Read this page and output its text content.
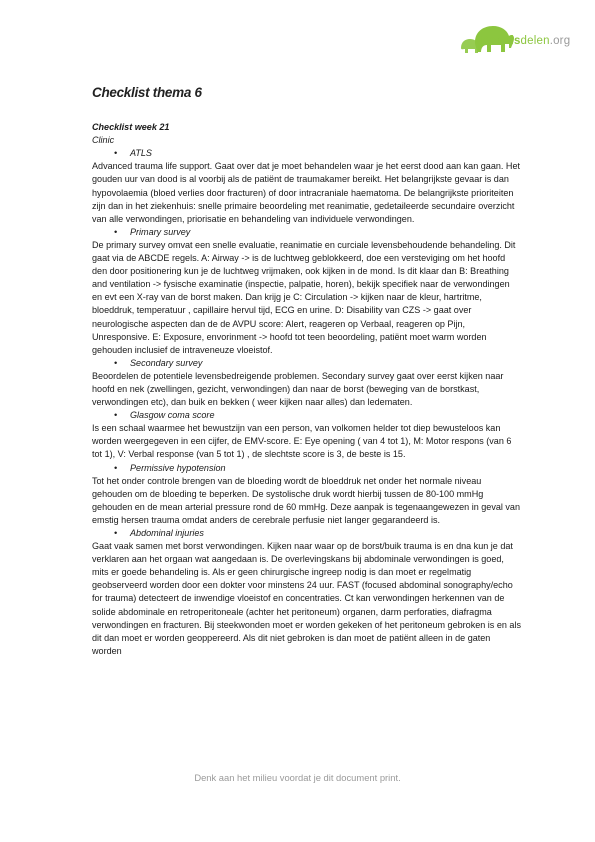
Kennisdelen.org

Checklist thema 6

Checklist week 21

Clinic

• ATLS

Advanced trauma life support. Gaat over dat je moet behandelen waar je het eerst dood aan kan gaan. Het gouden uur van dood is al voorbij als de patiënt de traumakamer bereikt. Het belangrijkste gevaar is dan hypovolaemia (bloed verlies door fracturen) of door intracraniale haematoma. De belangrijkste prioriteiten zijn dan in het ziekenhuis: snelle primaire beoordeling met reanimatie, gedetaileerde secundaire overzicht van alle verwondingen, priorisatie en behandeling van individuele verwondingen.

• Primary survey

De primary survey omvat een snelle evaluatie, reanimatie en curciale levensbehoudende behandeling. Dit gaat via de ABCDE regels. A: Airway -> is de luchtweg geblokkeerd, doe een versteviging om het hoofd den door positionering kun je de luchtweg vrijmaken, ook kijken in de mond. Is dit klaar dan B: Breathing and ventilation -> fysische examinatie (inspectie, palpatie, horen), bekijk specifiek naar de verwondingen en evt een X-ray van de borst maken. Dan krijg je C: Circulation -> kijken naar de kleur, hartritme, bloeddruk, temperatuur , capillaire hervul tijd, ECG en urine. D: Disability van CZS -> gaat over neurologische aspecten dan de de AVPU score: Alert, reageren op Verbaal, reageren op Pijn, Unresponsive. E: Exposure, envorinment -> hoofd tot teen beoordeling, patiënt moet warm worden gehouden inclusief de intraveneuze vloeistof.

• Secondary survey

Beoordelen de potentiele levensbedreigende problemen. Secondary survey gaat over eerst kijken naar hoofd en nek (zwellingen, gezicht, verwondingen) dan naar de borst (beweging van de borstkast, verwondingen etc), dan buik en bekken ( weer kijken naar alles) dan ledematen.

• Glasgow coma score

Is een schaal waarmee het bewustzijn van een person, van volkomen helder tot diep bewusteloos kan worden weergegeven in een cijfer, de EMV-score. E: Eye opening ( van 4 tot 1), M: Motor respons (van 6 tot 1), V: Verbal response (van 5 tot 1) , de slechtste score is 3, de beste is 15.

• Permissive hypotension

Tot het onder controle brengen van de bloeding wordt de bloeddruk net onder het normale niveau gehouden om de bloeding te beperken. De systolische druk wordt hierbij tussen de 80-100 mmHg gehouden en de mean arterial pressure rond de 60 mmHg. Deze aanpak is tegenaangewezen in geval van emstig hersen trauma omdat anders de cerebrale perfusie niet langer gegarandeerd is.

• Abdominal injuries

Gaat vaak samen met borst verwondingen. Kijken naar waar op de borst/buik trauma is en dna kun je dat verklaren aan het orgaan wat aangedaan is. De overlevingskans bij abdominale verwondingen is goed, mits er goede behandeling is. Als er geen chirurgische ingreep nodig is dan moet er regelmatig geobserveerd worden door een dokter voor minstens 24 uur. FAST (focused abdominal sonography/echo for trauma) detecteert de inwendige vloeistof en concentraties. Ct kan verwondingen herkennen van de solide abdominale en retroperitoneale (achter het peritoneum) organen, darm perforaties, diafragma verwondingen en fracturen. Bij steekwonden moet er worden gekeken of het peritoneum gebroken is en als dit dan moet er worden geoppereerd. Als dit niet gebroken is dan moet de patiënt alleen in de gaten worden

Denk aan het milieu voordat je dit document print.
